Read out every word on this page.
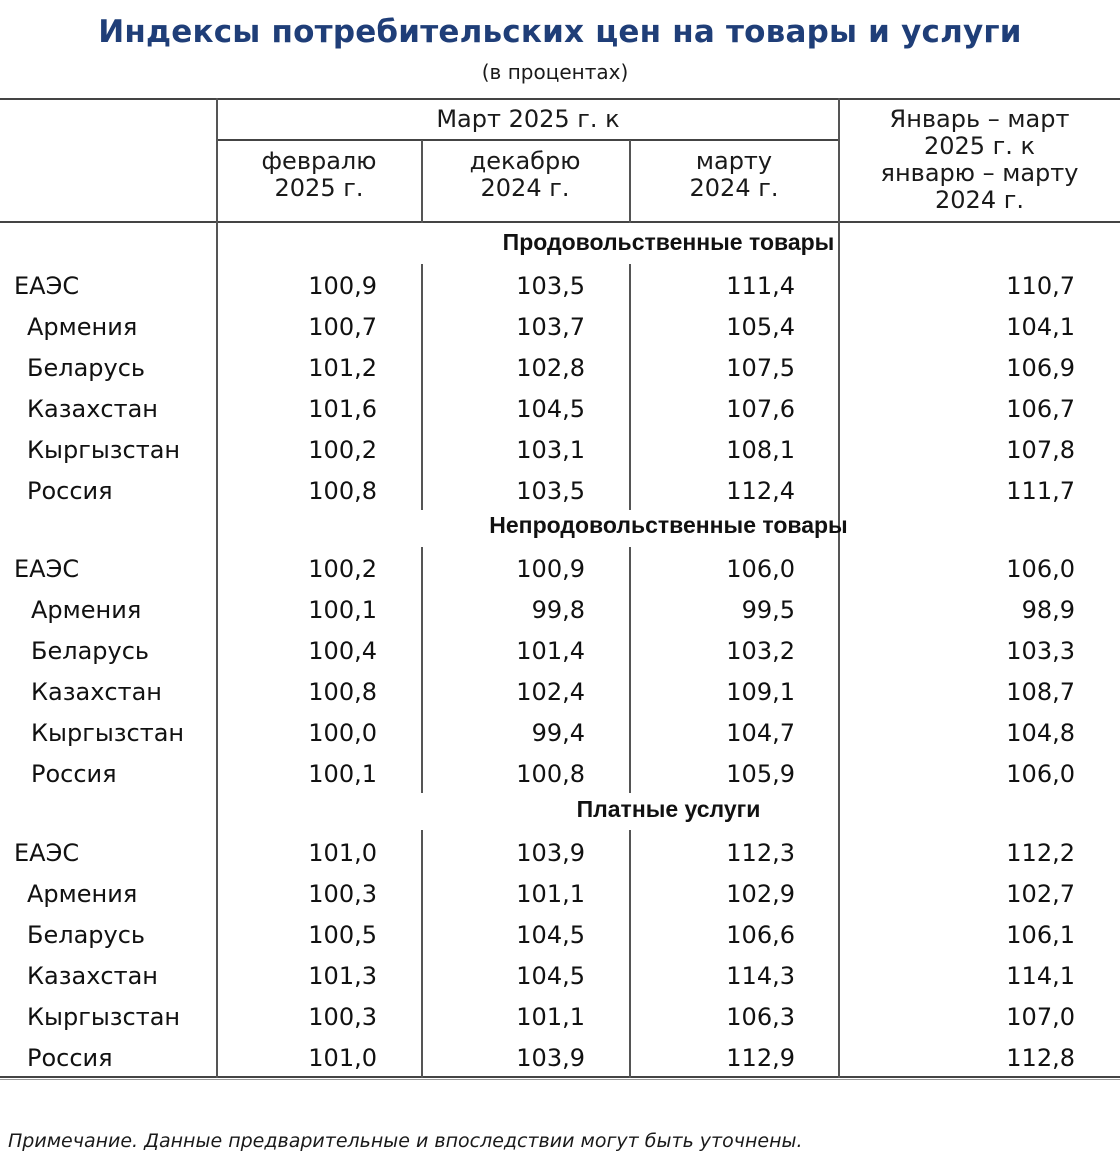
Индексы потребительских цен на товары и услуги
(в процентах)
Март 2025 г. к
февралю
2025 г.
декабрю
2024 г.
марту
2024 г.
Январь – март
2025 г. к
январю – марту
2024 г.
Продовольственные товары
ЕАЭС	100,9	103,5	111,4	110,7
Армения	100,7	103,7	105,4	104,1
Беларусь	101,2	102,8	107,5	106,9
Казахстан	101,6	104,5	107,6	106,7
Кыргызстан	100,2	103,1	108,1	107,8
Россия	100,8	103,5	112,4	111,7
Непродовольственные товары
ЕАЭС	100,2	100,9	106,0	106,0
Армения	100,1	99,8	99,5	98,9
Беларусь	100,4	101,4	103,2	103,3
Казахстан	100,8	102,4	109,1	108,7
Кыргызстан	100,0	99,4	104,7	104,8
Россия	100,1	100,8	105,9	106,0
Платные услуги
ЕАЭС	101,0	103,9	112,3	112,2
Армения	100,3	101,1	102,9	102,7
Беларусь	100,5	104,5	106,6	106,1
Казахстан	101,3	104,5	114,3	114,1
Кыргызстан	100,3	101,1	106,3	107,0
Россия	101,0	103,9	112,9	112,8
Примечание. Данные предварительные и впоследствии могут быть уточнены.
